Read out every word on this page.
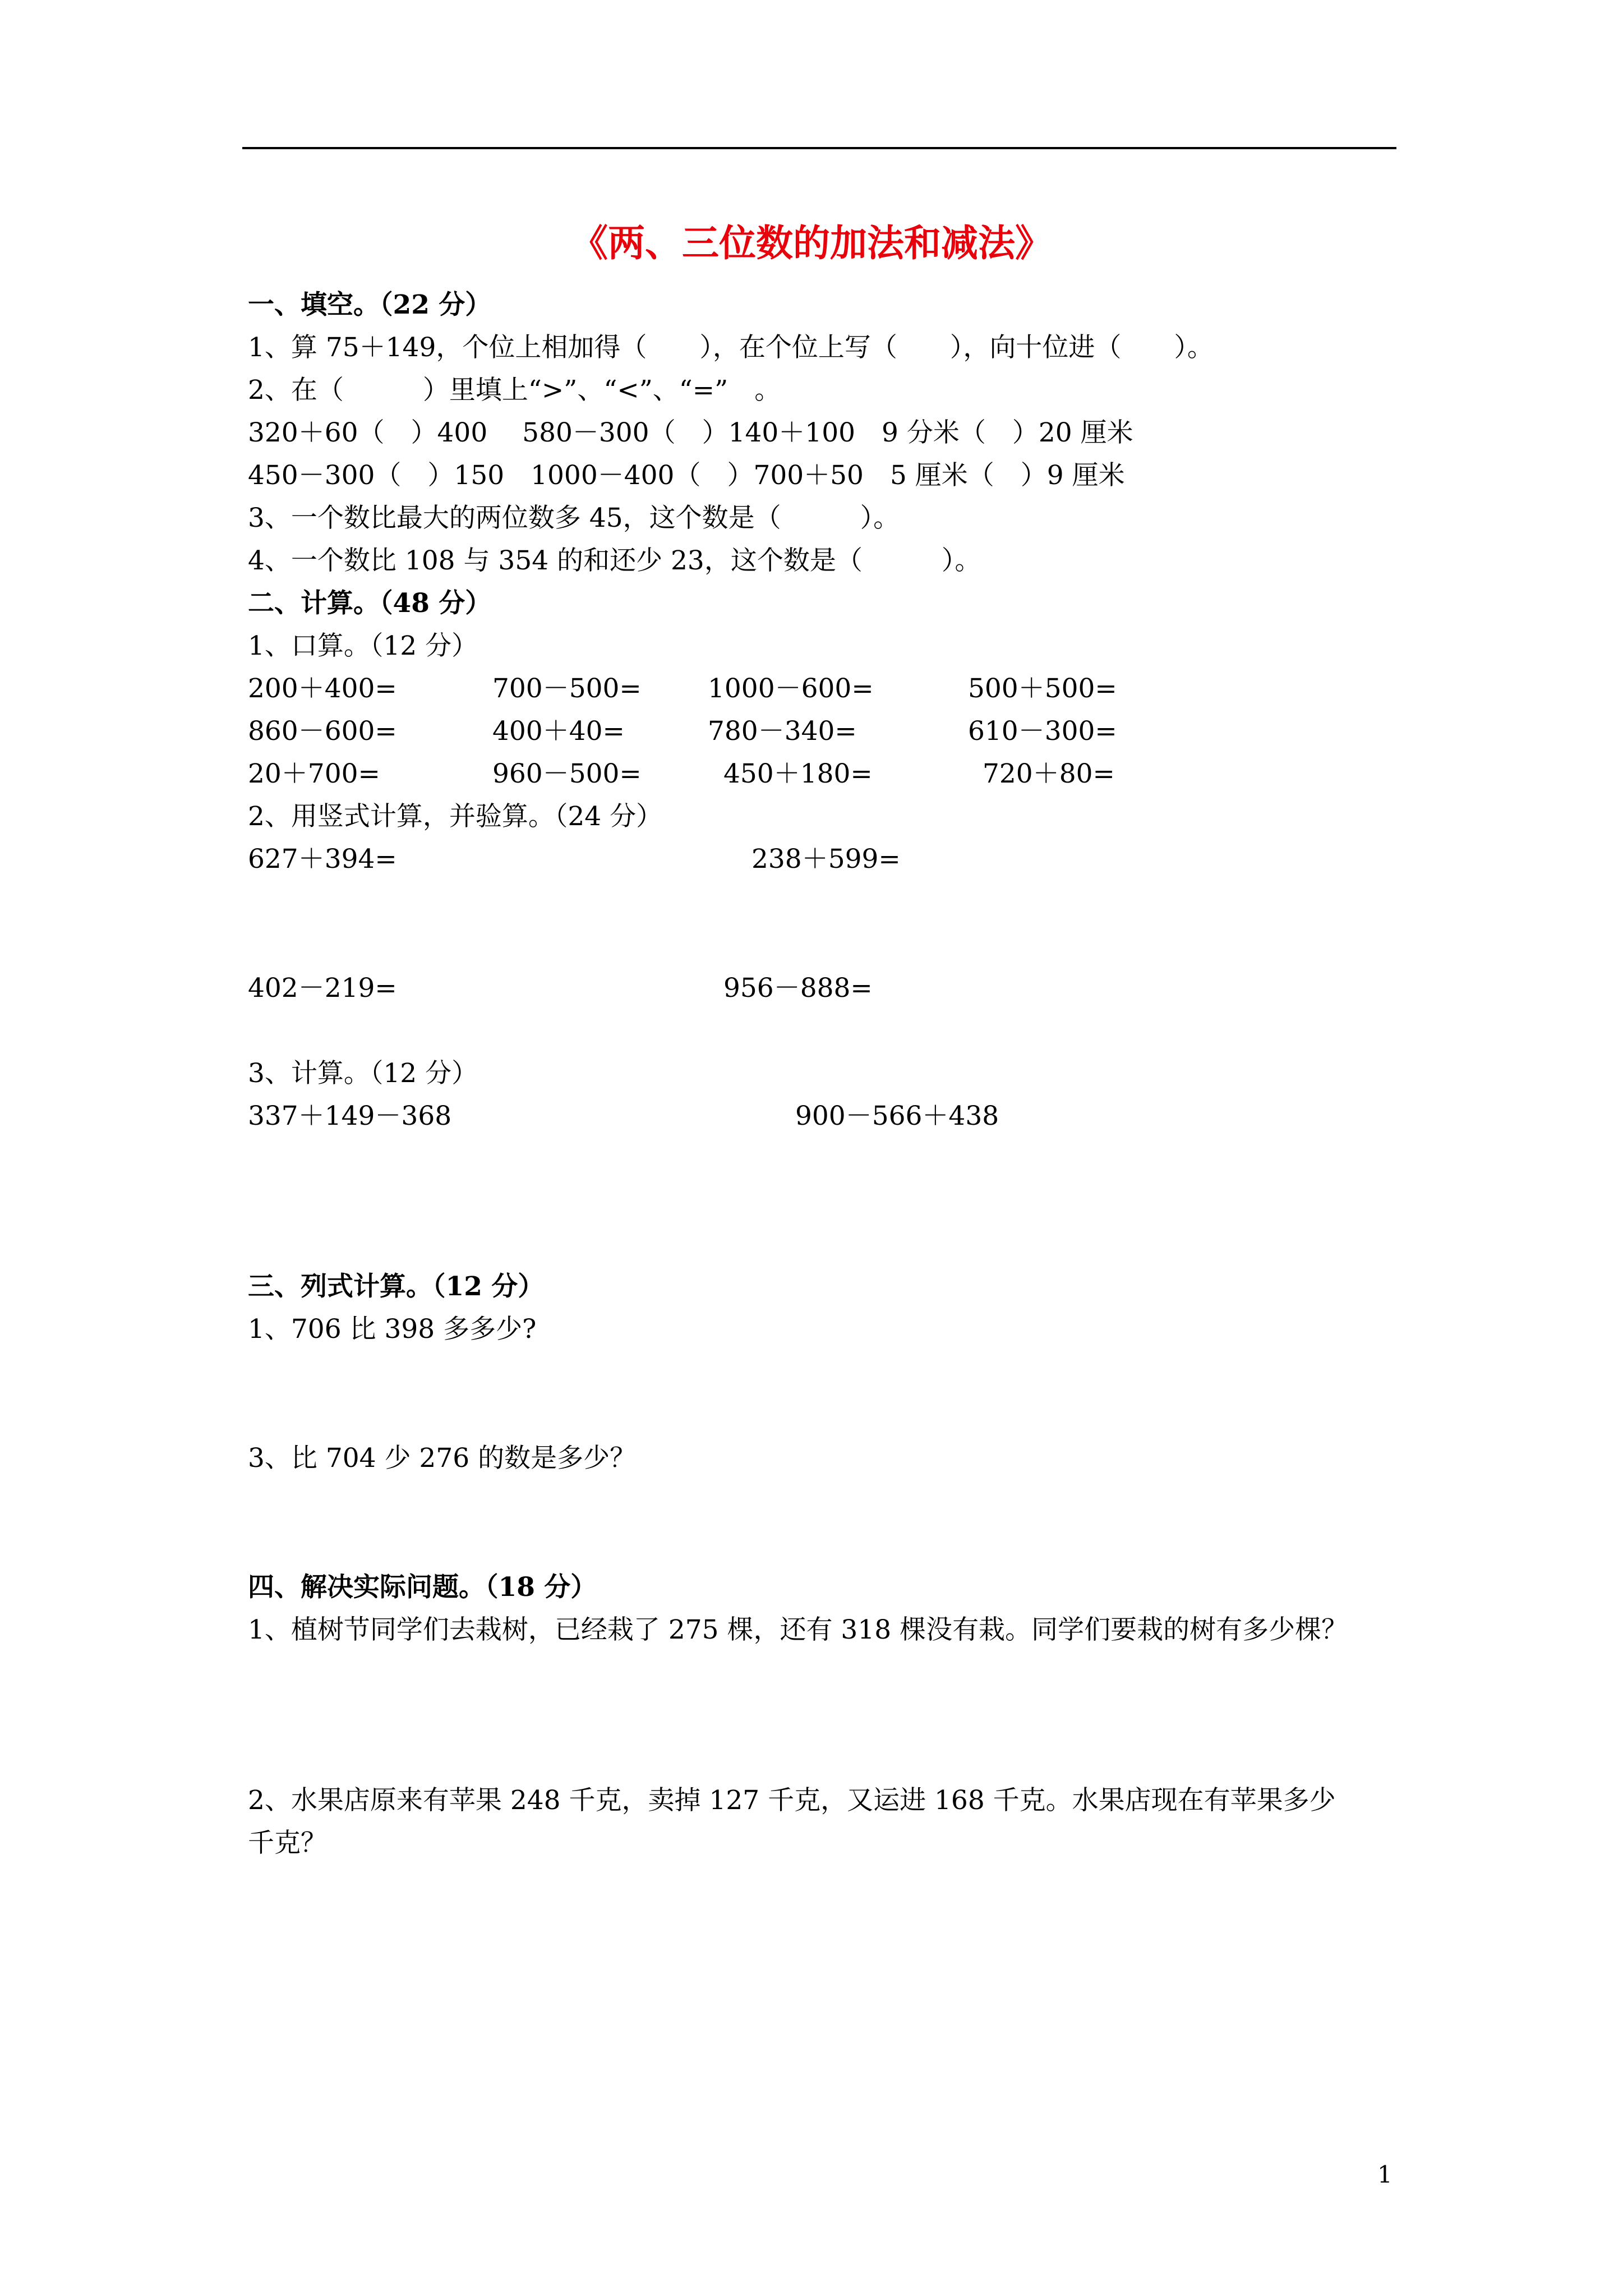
《两、三位数的加法和减法》
一、填空。（22 分）
1、算 75＋149，个位上相加得（　　），在个位上写（　　），向十位进（　　）。
2、在（　　　）里填上“>”、“<”、“=”　。
320＋60（　）400　 580－300（　）140＋100　9 分米（　）20 厘米
450－300（　）150　1000－400（　）700＋50　5 厘米（　）9 厘米
3、一个数比最大的两位数多 45，这个数是（　　　）。
4、一个数比 108 与 354 的和还少 23，这个数是（　　　）。
二、计算。（48 分）
1、口算。（12 分）
200＋400=	700－500=	1000－600=	500＋500=
860－600=	400＋40=	780－340=	610－300=
20＋700=	960－500=	450＋180=	720＋80=
2、用竖式计算，并验算。（24 分）
627＋394=	238＋599=
402－219=	956－888=
3、计算。（12 分）
337＋149－368	900－566＋438
三、列式计算。（12 分）
1、706 比 398 多多少?
3、比 704 少 276 的数是多少？
四、解决实际问题。（18 分）
1、植树节同学们去栽树，已经栽了 275 棵，还有 318 棵没有栽。同学们要栽的树有多少棵？
2、水果店原来有苹果 248 千克，卖掉 127 千克，又运进 168 千克。水果店现在有苹果多少
千克？
1
